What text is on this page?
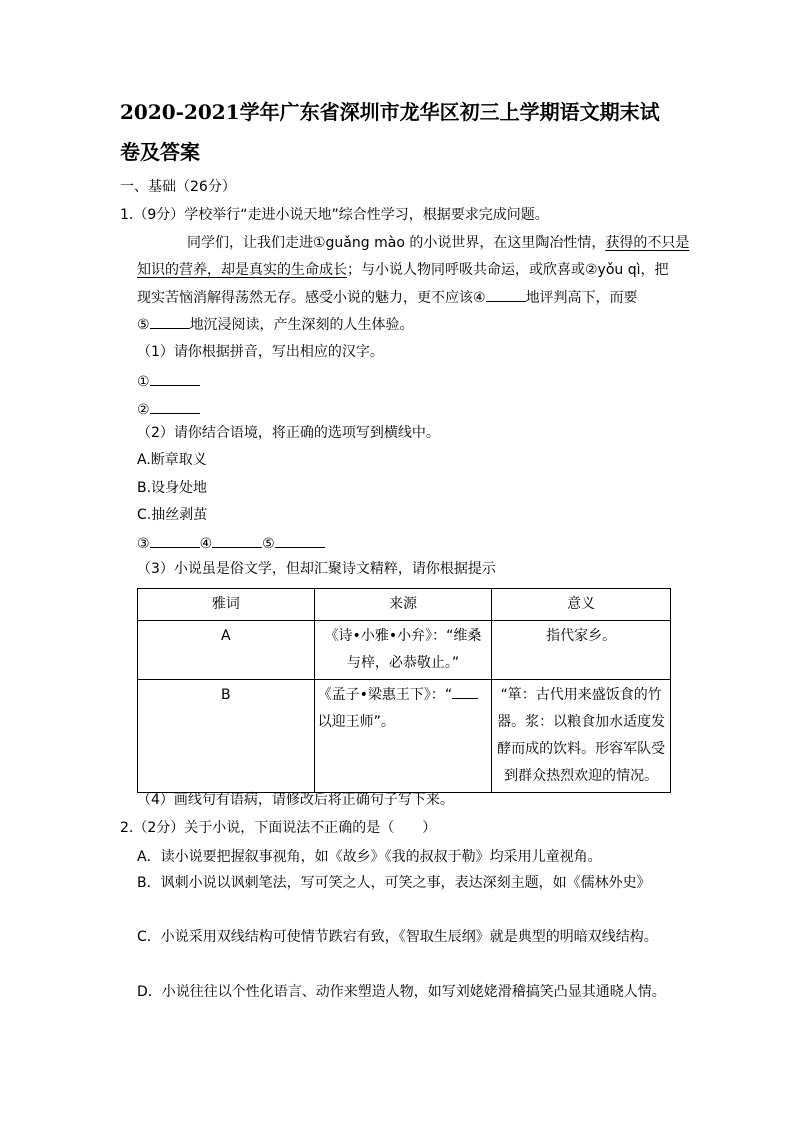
2020-2021学年广东省深圳市龙华区初三上学期语文期末试
卷及答案
一、基础（26分）
1.（9分）学校举行“走进小说天地”综合性学习，根据要求完成问题。
同学们，让我们走进①guǎng mào 的小说世界，在这里陶冶性情，获得的不只是
知识的营养，却是真实的生命成长；与小说人物同呼吸共命运，或欣喜或②yǒu qì，把
现实苦恼消解得荡然无存。感受小说的魅力，更不应该④	地评判高下，而要
⑤	地沉浸阅读，产生深刻的人生体验。
（1）请你根据拼音，写出相应的汉字。
①
②
（2）请你结合语境，将正确的选项写到横线中。
A.断章取义
B.设身处地
C.抽丝剥茧
③	④	⑤
（3）小说虽是俗文学，但却汇聚诗文精粹，请你根据提示
雅词	来源	意义
A	《诗•小雅•小弁》：“维桑与梓，必恭敬止。”	指代家乡。
B	《孟子•梁惠王下》：“以迎王师”。	“箪：古代用来盛饭食的竹器。浆：以粮食加水适度发酵而成的饮料。形容军队受到群众热烈欢迎的情况。
（4）画线句有语病，请修改后将正确句子写下来。
2.（2分）关于小说，下面说法不正确的是（　　）
A．读小说要把握叙事视角，如《故乡》《我的叔叔于勒》均采用儿童视角。
B．讽刺小说以讽刺笔法，写可笑之人，可笑之事，表达深刻主题，如《儒林外史》
C．小说采用双线结构可使情节跌宕有致，《智取生辰纲》就是典型的明暗双线结构。
D．小说往往以个性化语言、动作来塑造人物，如写刘姥姥滑稽搞笑凸显其通晓人情。
